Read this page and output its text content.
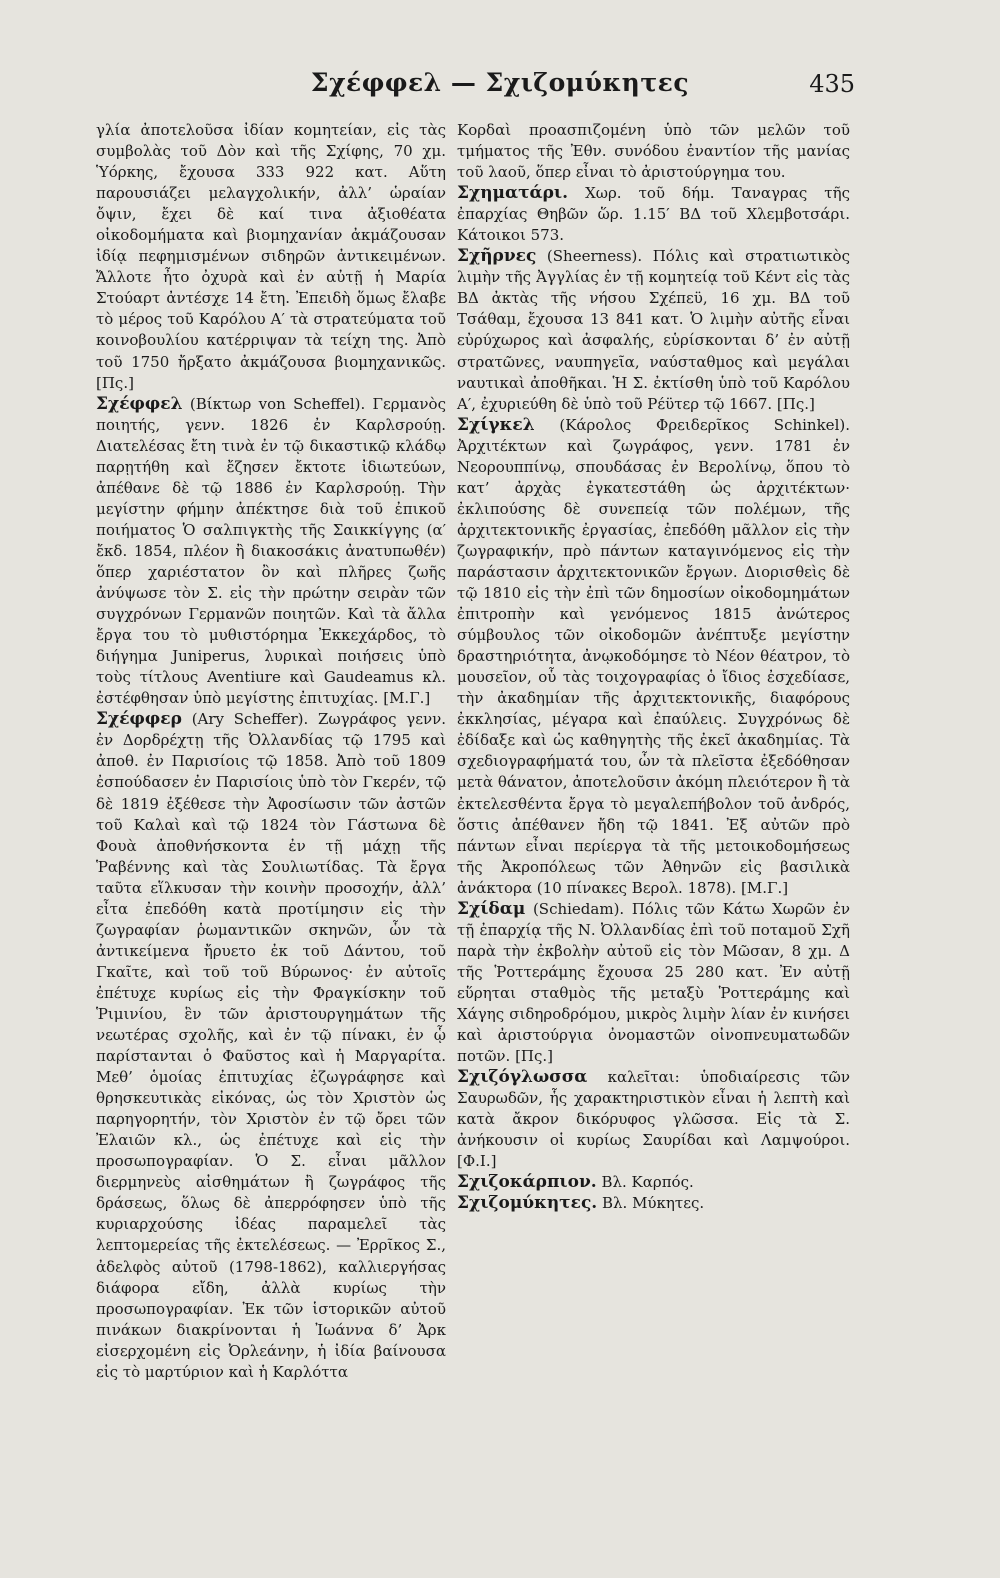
Σχέφφελ — Σχιζομύκητες	435

γλία ἀποτελοῦσα ἰδίαν κομητείαν, εἰς τὰς συμβολὰς τοῦ Δὸν καὶ τῆς Σχίφης, 70 χμ. Ὑόρκης, ἔχουσα 333 922 κατ. Αὕτη παρουσιάζει μελαγχολικήν, ἀλλ’ ὡραίαν ὄψιν, ἔχει δὲ καί τινα ἀξιοθέατα οἰκοδομήματα καὶ βιομηχανίαν ἀκμάζουσαν ἰδίᾳ πεφημισμένων σιδηρῶν ἀντικειμένων. Ἄλλοτε ἦτο ὀχυρὰ καὶ ἐν αὐτῇ ἡ Μαρία Στούαρτ ἀντέσχε 14 ἔτη. Ἐπειδὴ ὅμως ἔλαβε τὸ μέρος τοῦ Καρόλου Α′ τὰ στρατεύματα τοῦ κοινοβουλίου κατέρριψαν τὰ τείχη της. Ἀπὸ τοῦ 1750 ἤρξατο ἀκμάζουσα βιομηχανικῶς. [Πς.]

Σχέφφελ (Βίκτωρ von Scheffel). Γερμανὸς ποιητής, γενν. 1826 ἐν Καρλσρούῃ. Διατελέσας ἔτη τινὰ ἐν τῷ δικαστικῷ κλάδῳ παρῃτήθη καὶ ἔζησεν ἔκτοτε ἰδιωτεύων, ἀπέθανε δὲ τῷ 1886 ἐν Καρλσρούῃ. Τὴν μεγίστην φήμην ἀπέκτησε διὰ τοῦ ἐπικοῦ ποιήματος Ὁ σαλπιγκτὴς τῆς Σαικκίγγης (α′ ἔκδ. 1854, πλέον ἢ διακοσάκις ἀνατυπωθέν) ὅπερ χαριέστατον ὂν καὶ πλῆρες ζωῆς ἀνύψωσε τὸν Σ. εἰς τὴν πρώτην σειρὰν τῶν συγχρόνων Γερμανῶν ποιητῶν. Καὶ τὰ ἄλλα ἔργα του τὸ μυθιστόρημα Ἐκκεχάρδος, τὸ διήγημα Juniperus, λυρικαὶ ποιήσεις ὑπὸ τοὺς τίτλους Aventiure καὶ Gaudeamus κλ. ἐστέφθησαν ὑπὸ μεγίστης ἐπιτυχίας. [Μ.Γ.]

Σχέφφερ (Ary Scheffer). Ζωγράφος γενν. ἐν Δορδρέχτῃ τῆς Ὀλλανδίας τῷ 1795 καὶ ἀποθ. ἐν Παρισίοις τῷ 1858. Ἀπὸ τοῦ 1809 ἐσπούδασεν ἐν Παρισίοις ὑπὸ τὸν Γκερέν, τῷ δὲ 1819 ἐξέθεσε τὴν Ἀφοσίωσιν τῶν ἀστῶν τοῦ Καλαὶ καὶ τῷ 1824 τὸν Γάστωνα δὲ Φουὰ ἀποθνήσκοντα ἐν τῇ μάχῃ τῆς Ῥαβέννης καὶ τὰς Σουλιωτίδας. Τὰ ἔργα ταῦτα εἵλκυσαν τὴν κοινὴν προσοχήν, ἀλλ’ εἶτα ἐπεδόθη κατὰ προτίμησιν εἰς τὴν ζωγραφίαν ῥωμαντικῶν σκηνῶν, ὧν τὰ ἀντικείμενα ἤρυετο ἐκ τοῦ Δάντου, τοῦ Γκαῖτε, καὶ τοῦ τοῦ Βύρωνος· ἐν αὐτοῖς ἐπέτυχε κυρίως εἰς τὴν Φραγκίσκην τοῦ Ῥιμινίου, ἓν τῶν ἀριστουργημάτων τῆς νεωτέρας σχολῆς, καὶ ἐν τῷ πίνακι, ἐν ᾧ παρίστανται ὁ Φαῦστος καὶ ἡ Μαργαρίτα. Μεθ’ ὁμοίας ἐπιτυχίας ἐζωγράφησε καὶ θρησκευτικὰς εἰκόνας, ὡς τὸν Χριστὸν ὡς παρηγορητήν, τὸν Χριστὸν ἐν τῷ ὄρει τῶν Ἐλαιῶν κλ., ὡς ἐπέτυχε καὶ εἰς τὴν προσωπογραφίαν. Ὁ Σ. εἶναι μᾶλλον διερμηνεὺς αἰσθημάτων ἢ ζωγράφος τῆς δράσεως, ὅλως δὲ ἀπερρόφησεν ὑπὸ τῆς κυριαρχούσης ἰδέας παραμελεῖ τὰς λεπτομερείας τῆς ἐκτελέσεως. — Ἐρρῖκος Σ., ἀδελφὸς αὐτοῦ (1798-1862), καλλιεργήσας διάφορα εἴδη, ἀλλὰ κυρίως τὴν προσωπογραφίαν. Ἐκ τῶν ἱστορικῶν αὐτοῦ πινάκων διακρίνονται ἡ Ἰωάννα δ’ Ἀρκ εἰσερχομένη εἰς Ὀρλεάνην, ἡ ἰδία βαίνουσα εἰς τὸ μαρτύριον καὶ ἡ Καρλόττα

Κορδαὶ προασπιζομένη ὑπὸ τῶν μελῶν τοῦ τμήματος τῆς Ἐθν. συνόδου ἐναντίον τῆς μανίας τοῦ λαοῦ, ὅπερ εἶναι τὸ ἀριστούργημα του.

Σχηματάρι. Χωρ. τοῦ δήμ. Ταναγρας τῆς ἐπαρχίας Θηβῶν ὥρ. 1.15′ ΒΔ τοῦ Χλεμβοτσάρι. Κάτοικοι 573.

Σχῆρνες (Sheerness). Πόλις καὶ στρατιωτικὸς λιμὴν τῆς Ἀγγλίας ἐν τῇ κομητείᾳ τοῦ Κέντ εἰς τὰς ΒΔ ἀκτὰς τῆς νήσου Σχέπεϋ, 16 χμ. ΒΔ τοῦ Τσάθαμ, ἔχουσα 13 841 κατ. Ὁ λιμὴν αὐτῆς εἶναι εὐρύχωρος καὶ ἀσφαλής, εὑρίσκονται δ’ ἐν αὐτῇ στρατῶνες, ναυπηγεῖα, ναύσταθμος καὶ μεγάλαι ναυτικαὶ ἀποθῆκαι. Ἡ Σ. ἐκτίσθη ὑπὸ τοῦ Καρόλου Α′, ἐχυριεύθη δὲ ὑπὸ τοῦ Ρέϋτερ τῷ 1667. [Πς.]

Σχίγκελ (Κάρολος Φρειδερῖκος Schinkel). Ἀρχιτέκτων καὶ ζωγράφος, γενν. 1781 ἐν Νεορουππίνῳ, σπουδάσας ἐν Βερολίνῳ, ὅπου τὸ κατ’ ἀρχὰς ἐγκατεστάθη ὡς ἀρχιτέκτων· ἐκλιπούσης δὲ συνεπείᾳ τῶν πολέμων, τῆς ἀρχιτεκτονικῆς ἐργασίας, ἐπεδόθη μᾶλλον εἰς τὴν ζωγραφικήν, πρὸ πάντων καταγινόμενος εἰς τὴν παράστασιν ἀρχιτεκτονικῶν ἔργων. Διορισθεὶς δὲ τῷ 1810 εἰς τὴν ἐπὶ τῶν δημοσίων οἰκοδομημάτων ἐπιτροπὴν καὶ γενόμενος 1815 ἀνώτερος σύμβουλος τῶν οἰκοδομῶν ἀνέπτυξε μεγίστην δραστηριότητα, ἀνῳκοδόμησε τὸ Νέον θέατρον, τὸ μουσεῖον, οὗ τὰς τοιχογραφίας ὁ ἴδιος ἐσχεδίασε, τὴν ἀκαδημίαν τῆς ἀρχιτεκτονικῆς, διαφόρους ἐκκλησίας, μέγαρα καὶ ἐπαύλεις. Συγχρόνως δὲ ἐδίδαξε καὶ ὡς καθηγητὴς τῆς ἐκεῖ ἀκαδημίας. Τὰ σχεδιογραφήματά του, ὧν τὰ πλεῖστα ἐξεδόθησαν μετὰ θάνατον, ἀποτελοῦσιν ἀκόμη πλειότερον ἢ τὰ ἐκτελεσθέντα ἔργα τὸ μεγαλεπήβολον τοῦ ἀνδρός, ὅστις ἀπέθανεν ἤδη τῷ 1841. Ἐξ αὐτῶν πρὸ πάντων εἶναι περίεργα τὰ τῆς μετοικοδομήσεως τῆς Ἀκροπόλεως τῶν Ἀθηνῶν εἰς βασιλικὰ ἀνάκτορα (10 πίνακες Βερολ. 1878). [Μ.Γ.]

Σχίδαμ (Schiedam). Πόλις τῶν Κάτω Χωρῶν ἐν τῇ ἐπαρχίᾳ τῆς Ν. Ὀλλανδίας ἐπὶ τοῦ ποταμοῦ Σχῆ παρὰ τὴν ἐκβολὴν αὐτοῦ εἰς τὸν Μῶσαν, 8 χμ. Δ τῆς Ῥοττεράμης ἔχουσα 25 280 κατ. Ἐν αὐτῇ εὕρηται σταθμὸς τῆς μεταξὺ Ῥοττεράμης καὶ Χάγης σιδηροδρόμου, μικρὸς λιμὴν λίαν ἐν κινήσει καὶ ἀριστούργια ὀνομαστῶν οἰνοπνευματωδῶν ποτῶν. [Πς.]

Σχιζόγλωσσα καλεῖται: ὑποδιαίρεσις τῶν Σαυρωδῶν, ἧς χαρακτηριστικὸν εἶναι ἡ λεπτὴ καὶ κατὰ ἄκρον δικόρυφος γλῶσσα. Εἰς τὰ Σ. ἀνήκουσιν οἱ κυρίως Σαυρίδαι καὶ Λαμψούροι. [Φ.Ι.]

Σχιζοκάρπιον. Βλ. Καρπός.

Σχιζομύκητες. Βλ. Μύκητες.
